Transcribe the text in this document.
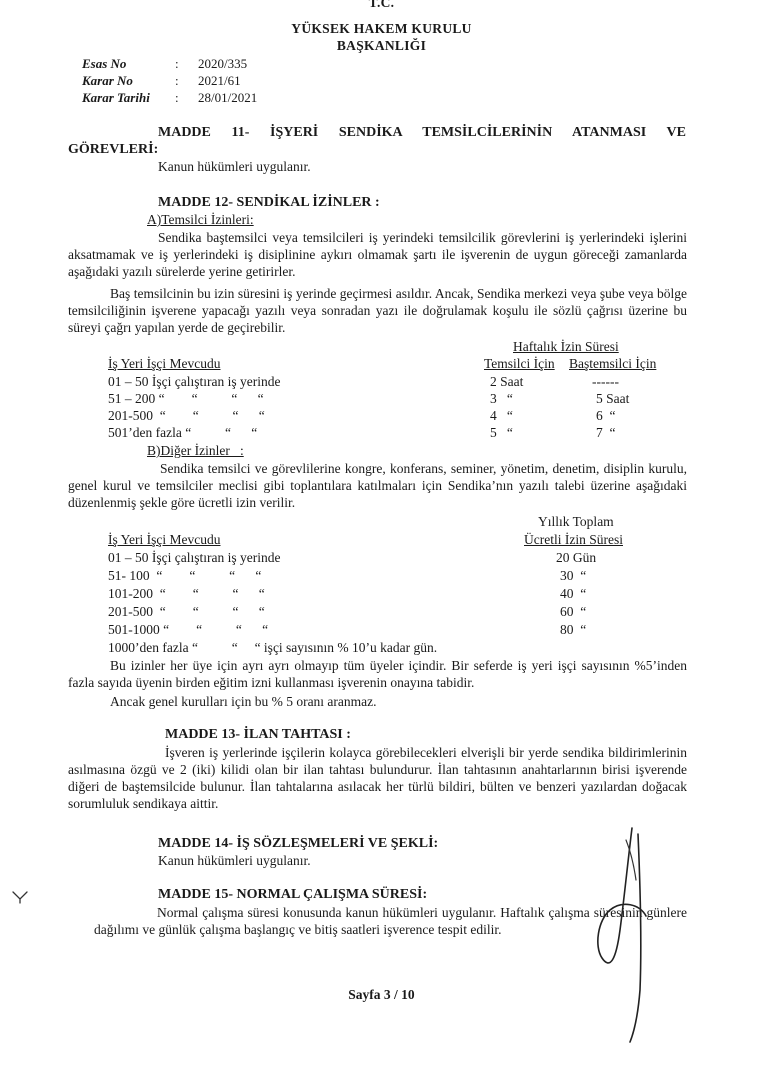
T.C.
YÜKSEK HAKEM KURULU
BAŞKANLIĞI
Esas No	: 2020/335
Karar No	: 2021/61
Karar Tarihi : 28/01/2021
MADDE 11- İŞYERİ SENDİKA TEMSİLCİLERİNİN ATANMASI VE
GÖREVLERİ:
Kanun hükümleri uygulanır.
MADDE 12- SENDİKAL İZİNLER :
A)Temsilci İzinleri:
Sendika baştemsilci veya temsilcileri iş yerindeki temsilcilik görevlerini iş yerlerindeki işlerini aksatmamak ve iş yerlerindeki iş disiplinine aykırı olmamak şartı ile işverenin de uygun göreceği zamanlarda aşağıdaki yazılı sürelerde yerine getirirler.
Baş temsilcinin bu izin süresini iş yerinde geçirmesi asıldır. Ancak, Sendika merkezi veya şube veya bölge temsilciliğinin işverene yapacağı yazılı veya sonradan yazı ile doğrulamak koşulu ile sözlü çağrısı üzerine bu süreyi çağrı yapılan yerde de geçirebilir.
Haftalık İzin Süresi
İş Yeri İşçi Mevcudu	Temsilci İçin Baştemsilci İçin
01 – 50 İşçi çalıştıran iş yerinde	2 Saat	------
51 – 200 “        “          “      “	3   “	5 Saat
201-500  “        “          “      “	4   “	6  “
501’den fazla “          “      “	5   “	7  “
B)Diğer İzinler   :
Sendika temsilci ve görevlilerine kongre, konferans, seminer, yönetim, denetim, disiplin kurulu, genel kurul ve temsilciler meclisi gibi toplantılara katılmaları için Sendika’nın yazılı talebi üzerine aşağıdaki düzenlenmiş şekle göre ücretli izin verilir.
Yıllık Toplam
İş Yeri İşçi Mevcudu	Ücretli İzin Süresi
01 – 50 İşçi çalıştıran iş yerinde	20 Gün
51- 100  “        “          “      “	30  “
101-200  “        “          “      “	40  “
201-500  “        “          “      “	60  “
501-1000 “        “          “      “	80  “
1000’den fazla “          “     “ işçi sayısının % 10’u kadar gün.
Bu izinler her üye için ayrı ayrı olmayıp tüm üyeler içindir. Bir seferde iş yeri işçi sayısının %5’inden fazla sayıda üyenin birden eğitim izni kullanması işverenin onayına tabidir.
Ancak genel kurulları için bu % 5 oranı aranmaz.
MADDE 13- İLAN TAHTASI :
İşveren iş yerlerinde işçilerin kolayca görebilecekleri elverişli bir yerde sendika bildirimlerinin asılmasına özgü ve 2 (iki) kilidi olan bir ilan tahtası bulundurur. İlan tahtasının anahtarlarının birisi işverende diğeri de baştemsilcide bulunur. İlan tahtalarına asılacak her türlü bildiri, bülten ve benzeri yazılardan doğacak sorumluluk sendikaya aittir.
MADDE 14- İŞ SÖZLEŞMELERİ VE ŞEKLİ:
Kanun hükümleri uygulanır.
MADDE 15- NORMAL ÇALIŞMA SÜRESİ:
Normal çalışma süresi konusunda kanun hükümleri uygulanır. Haftalık çalışma süresinin günlere dağılımı ve günlük çalışma başlangıç ve bitiş saatleri işverence tespit edilir.
Sayfa 3 / 10
